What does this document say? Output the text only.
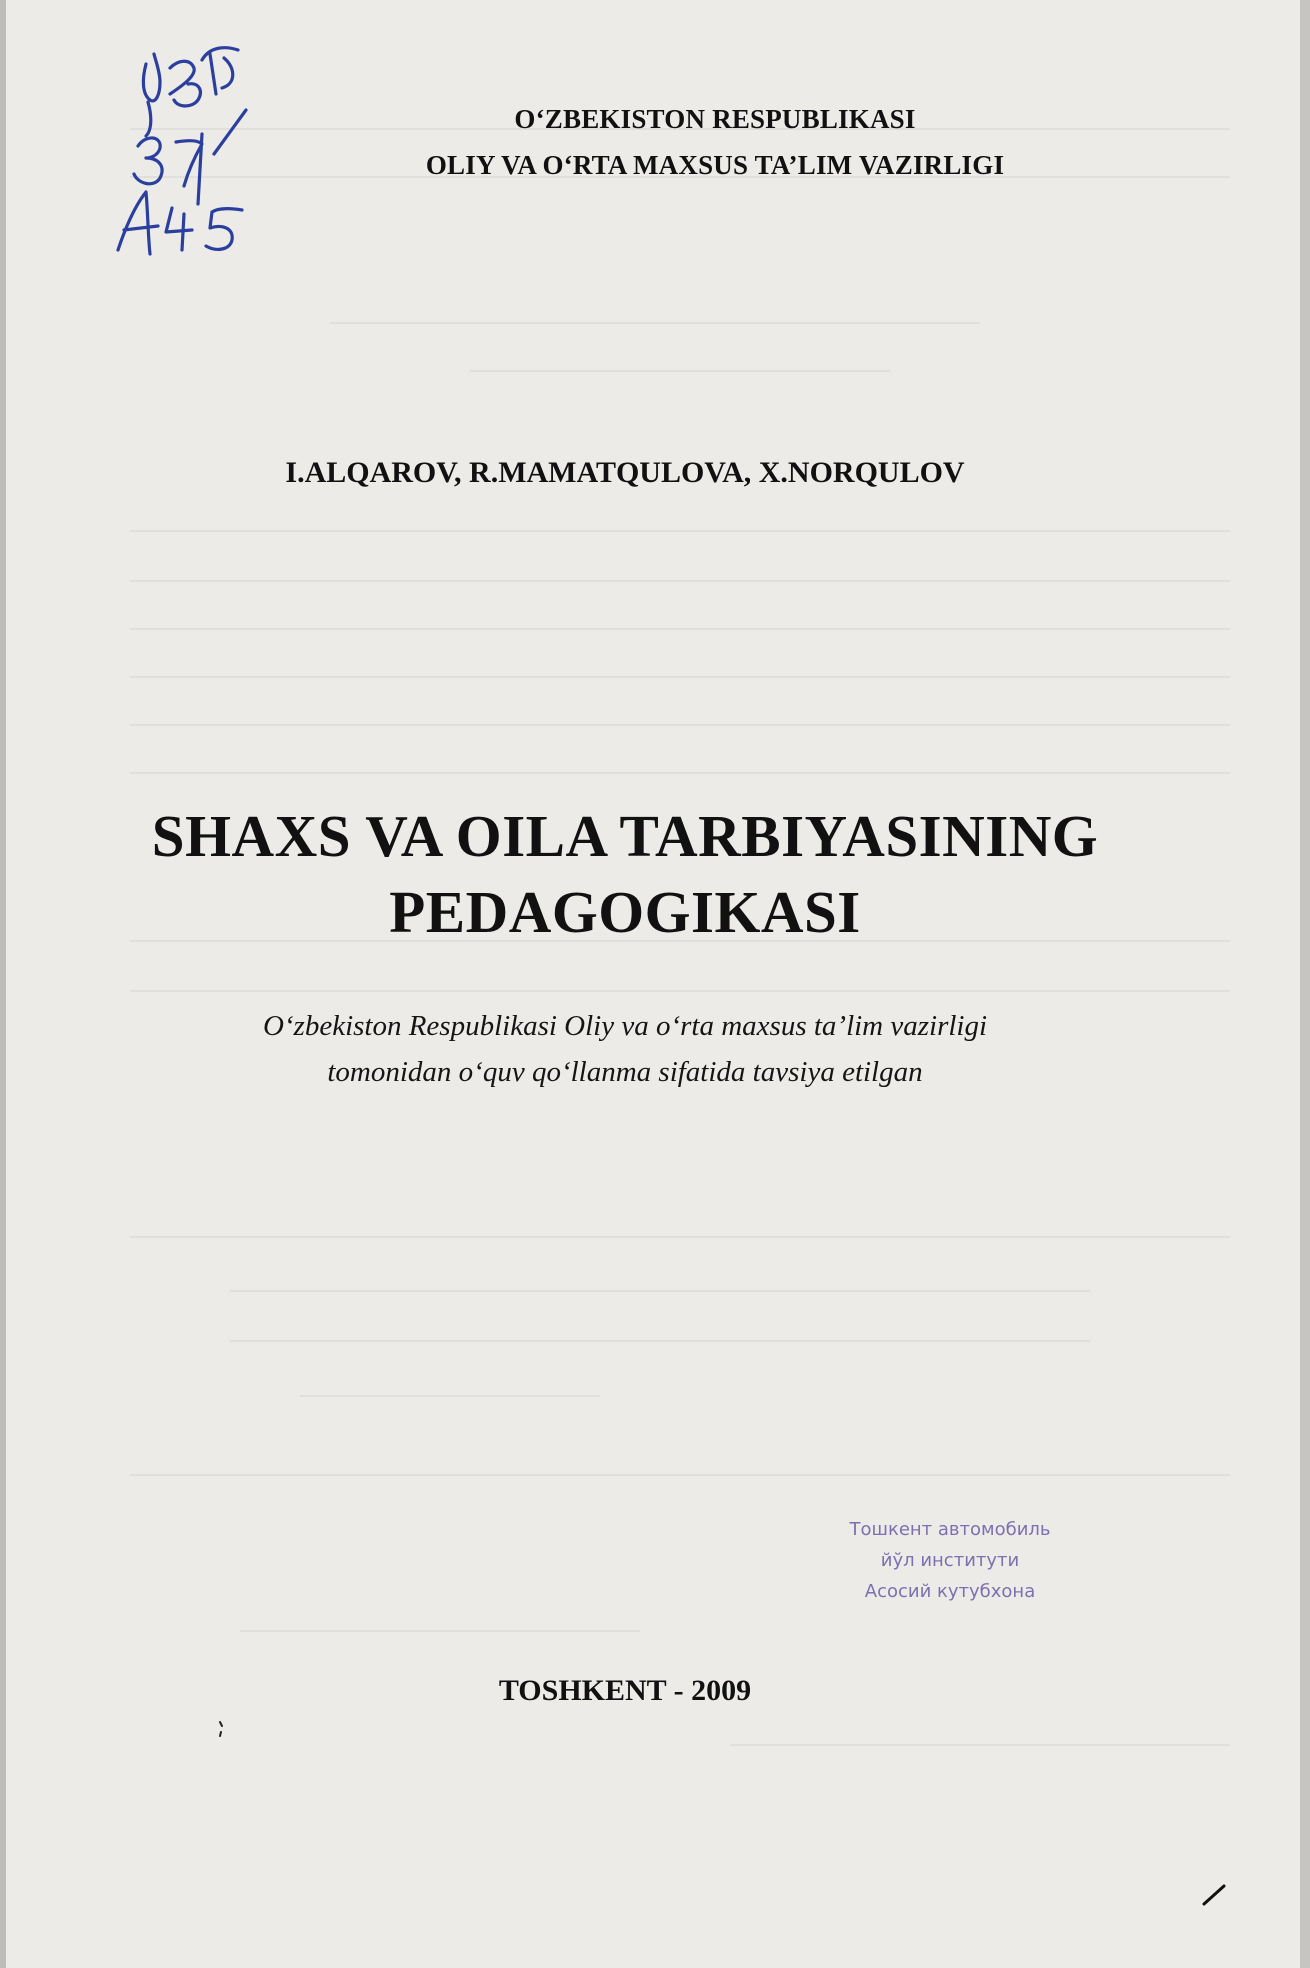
O‘ZBEKISTON RESPUBLIKASI
OLIY VA O‘RTA MAXSUS TA’LIM VAZIRLIGI
I.ALQAROV, R.MAMATQULOVA, X.NORQULOV
SHAXS VA OILA TARBIYASINING
PEDAGOGIKASI
O‘zbekiston Respublikasi Oliy va o‘rta maxsus ta’lim vazirligi
tomonidan o‘quv qo‘llanma sifatida tavsiya etilgan
Тошкент автомобиль
йўл институти
Асосий кутубхона
TOSHKENT - 2009
